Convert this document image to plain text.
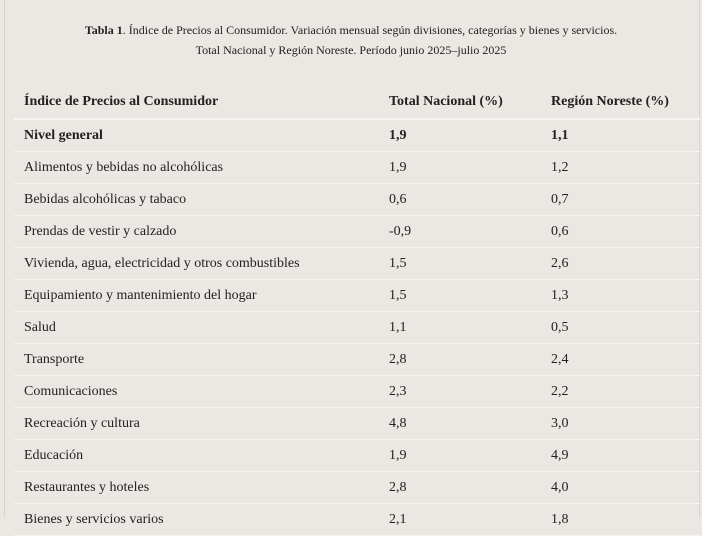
Tabla 1. Índice de Precios al Consumidor. Variación mensual según divisiones, categorías y bienes y servicios.
Total Nacional y Región Noreste. Período junio 2025–julio 2025
Índice de Precios al Consumidor	Total Nacional (%)	Región Noreste (%)
Nivel general	1,9	1,1
Alimentos y bebidas no alcohólicas	1,9	1,2
Bebidas alcohólicas y tabaco	0,6	0,7
Prendas de vestir y calzado	-0,9	0,6
Vivienda, agua, electricidad y otros combustibles	1,5	2,6
Equipamiento y mantenimiento del hogar	1,5	1,3
Salud	1,1	0,5
Transporte	2,8	2,4
Comunicaciones	2,3	2,2
Recreación y cultura	4,8	3,0
Educación	1,9	4,9
Restaurantes y hoteles	2,8	4,0
Bienes y servicios varios	2,1	1,8
